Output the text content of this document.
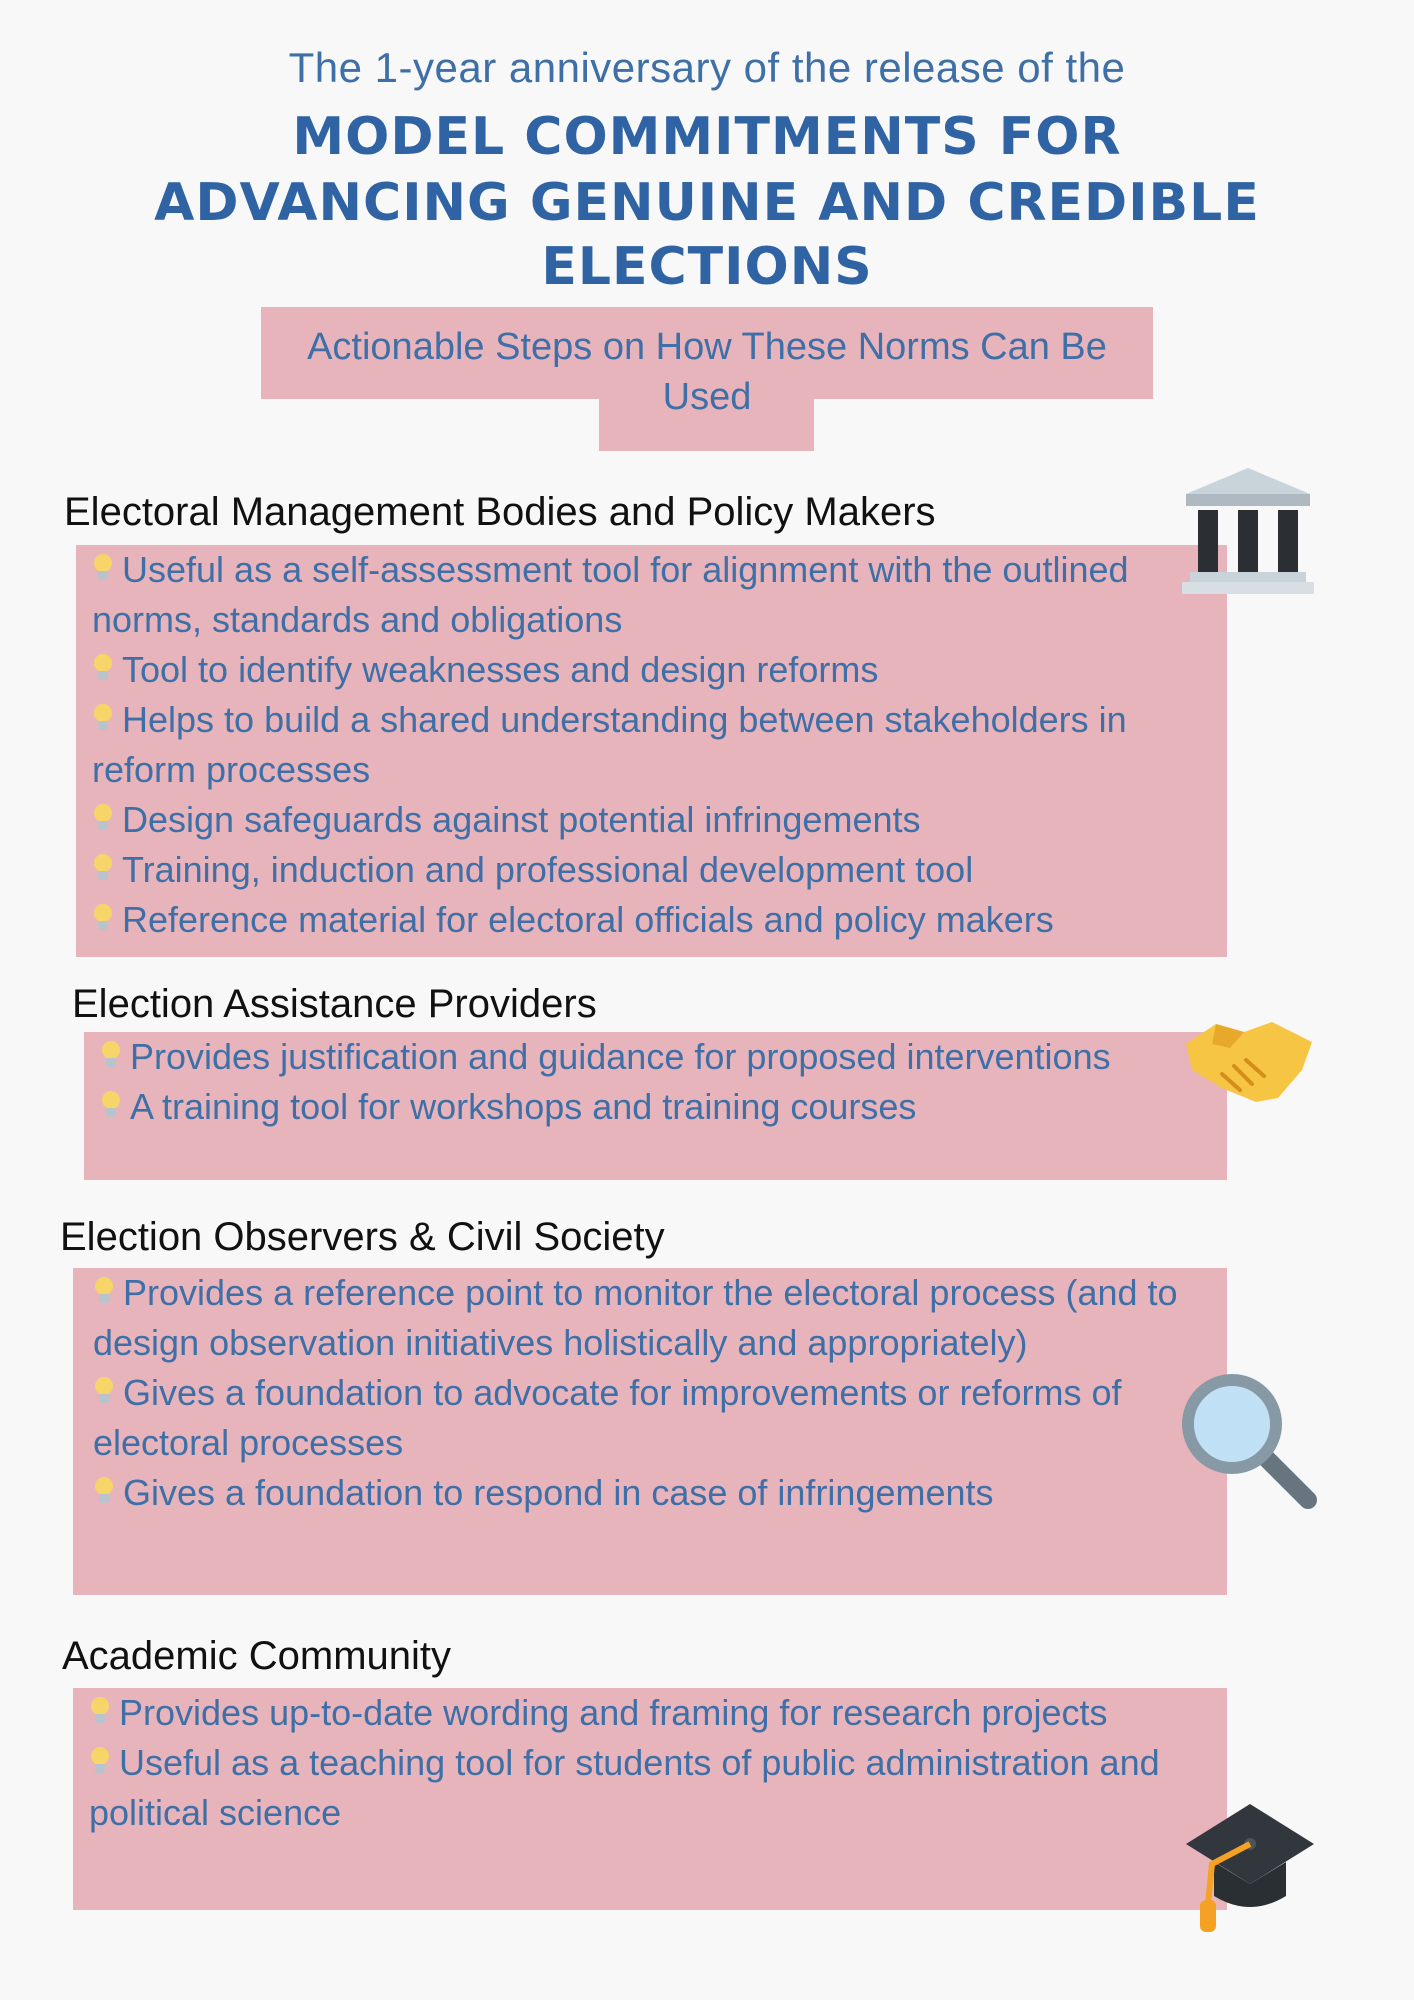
The 1-year anniversary of the release of the
MODEL COMMITMENTS FOR
ADVANCING GENUINE AND CREDIBLE
ELECTIONS
Actionable Steps on How These Norms Can Be Used
Electoral Management Bodies and Policy Makers
Useful as a self-assessment tool for alignment with the outlined norms, standards and obligations
Tool to identify weaknesses and design reforms
Helps to build a shared understanding between stakeholders in reform processes
Design safeguards against potential infringements
Training, induction and professional development tool
Reference material for electoral officials and policy makers
Election Assistance Providers
Provides justification and guidance for proposed interventions
A training tool for workshops and training courses
Election Observers & Civil Society
Provides a reference point to monitor the electoral process (and to design observation initiatives holistically and appropriately)
Gives a foundation to advocate for improvements or reforms of electoral processes
Gives a foundation to respond in case of infringements
Academic Community
Provides up-to-date wording and framing for research projects
Useful as a teaching tool for students of public administration and political science
